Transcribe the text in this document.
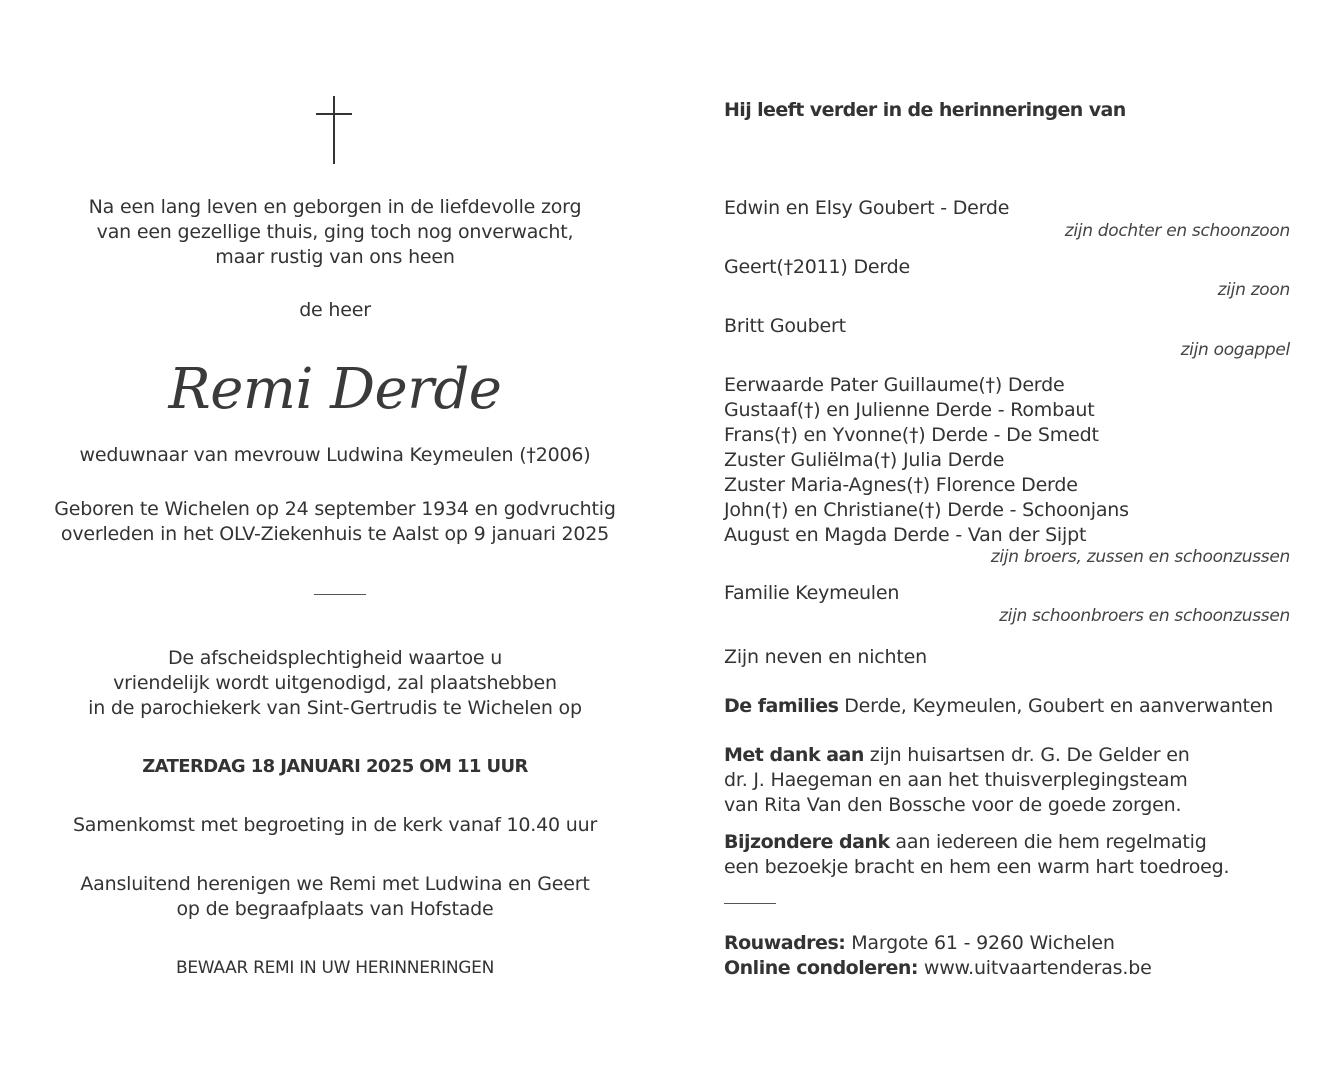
Na een lang leven en geborgen in de liefdevolle zorg
van een gezellige thuis, ging toch nog onverwacht,
maar rustig van ons heen
de heer
Remi Derde
weduwnaar van mevrouw Ludwina Keymeulen (†2006)
Geboren te Wichelen op 24 september 1934 en godvruchtig
overleden in het OLV-Ziekenhuis te Aalst op 9 januari 2025
De afscheidsplechtigheid waartoe u
vriendelijk wordt uitgenodigd, zal plaatshebben
in de parochiekerk van Sint-Gertrudis te Wichelen op
ZATERDAG 18 JANUARI 2025 OM 11 UUR
Samenkomst met begroeting in de kerk vanaf 10.40 uur
Aansluitend herenigen we Remi met Ludwina en Geert
op de begraafplaats van Hofstade
BEWAAR REMI IN UW HERINNERINGEN
Hij leeft verder in de herinneringen van
Edwin en Elsy Goubert - Derde
zijn dochter en schoonzoon
Geert(†2011) Derde
zijn zoon
Britt Goubert
zijn oogappel
Eerwaarde Pater Guillaume(†) Derde
Gustaaf(†) en Julienne Derde - Rombaut
Frans(†) en Yvonne(†) Derde - De Smedt
Zuster Guliëlma(†) Julia Derde
Zuster Maria-Agnes(†) Florence Derde
John(†) en Christiane(†) Derde - Schoonjans
August en Magda Derde - Van der Sijpt
zijn broers, zussen en schoonzussen
Familie Keymeulen
zijn schoonbroers en schoonzussen
Zijn neven en nichten
De families Derde, Keymeulen, Goubert en aanverwanten
Met dank aan zijn huisartsen dr. G. De Gelder en
dr. J. Haegeman en aan het thuisverplegingsteam
van Rita Van den Bossche voor de goede zorgen.
Bijzondere dank aan iedereen die hem regelmatig
een bezoekje bracht en hem een warm hart toedroeg.
Rouwadres: Margote 61 - 9260 Wichelen
Online condoleren: www.uitvaartenderas.be
